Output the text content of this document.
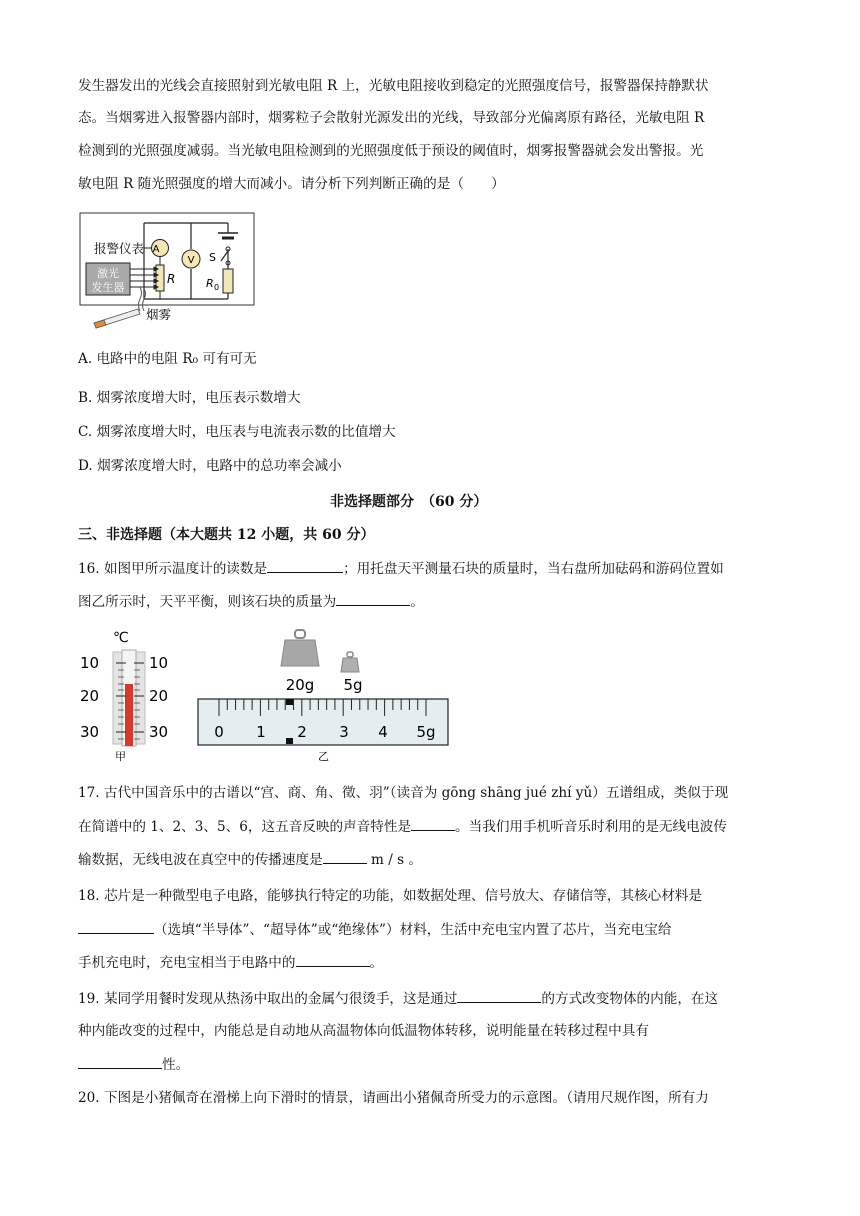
发生器发出的光线会直接照射到光敏电阻 R 上，光敏电阻接收到稳定的光照强度信号，报警器保持静默状
态。当烟雾进入报警器内部时，烟雾粒子会散射光源发出的光线，导致部分光偏离原有路径，光敏电阻 R
检测到的光照强度减弱。当光敏电阻检测到的光照强度低于预设的阈值时，烟雾报警器就会发出警报。光
敏电阻 R 随光照强度的增大而减小。请分析下列判断正确的是（　　）
报警仪表 A
V
R	R 0
S
激光
发生器
烟雾
A. 电路中的电阻 R₀ 可有可无
B. 烟雾浓度增大时，电压表示数增大
C. 烟雾浓度增大时，电压表与电流表示数的比值增大
D. 烟雾浓度增大时，电路中的总功率会减小
非选择题部分　（60 分）
三、非选择题（本大题共 12 小题，共 60 分）
16. 如图甲所示温度计的读数是	；用托盘天平测量石块的质量时，当右盘所加砝码和游码位置如
图乙所示时，天平平衡，则该石块的质量为	。
℃
10
20
30
10
20
30
甲
20g 5g
0 1 2 3 4 5g
乙
17. 古代中国音乐中的古谱以“宫、商、角、徵、羽”（读音为 gōng shāng jué zhí yǔ）五谱组成，类似于现
在简谱中的 1、2、3、5、6，这五音反映的声音特性是	。当我们用手机听音乐时利用的是无线电波传
输数据，无线电波在真空中的传播速度是	m / s 。
18. 芯片是一种微型电子电路，能够执行特定的功能，如数据处理、信号放大、存储信等，其核心材料是
（选填“半导体”、“超导体”或“绝缘体”）材料，生活中充电宝内置了芯片，当充电宝给
手机充电时，充电宝相当于电路中的	。
19. 某同学用餐时发现从热汤中取出的金属勺很烫手，这是通过	的方式改变物体的内能，在这
种内能改变的过程中，内能总是自动地从高温物体向低温物体转移，说明能量在转移过程中具有
性。
20. 下图是小猪佩奇在滑梯上向下滑时的情景，请画出小猪佩奇所受力的示意图。（请用尺规作图，所有力
